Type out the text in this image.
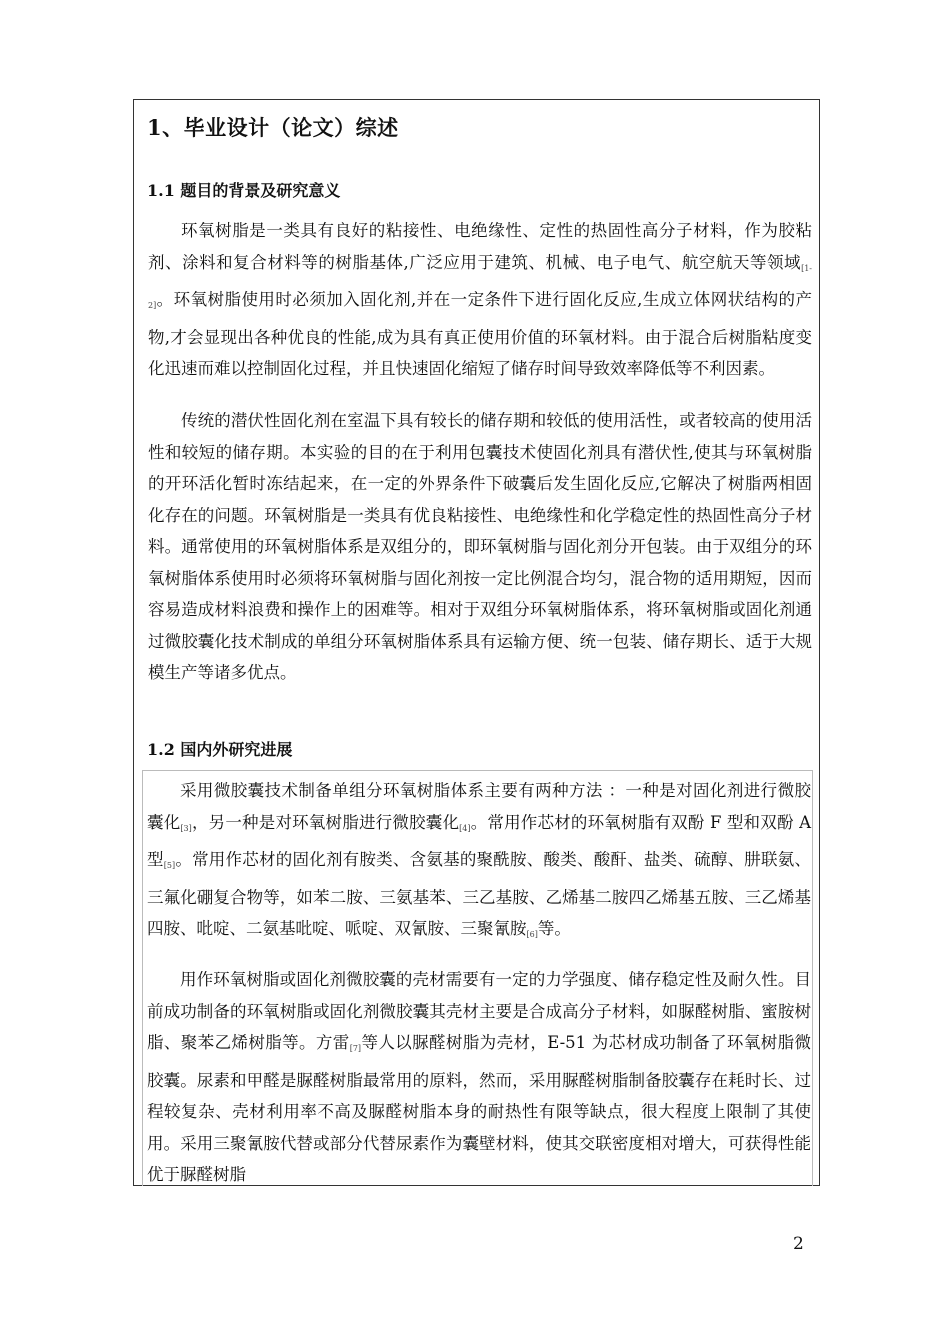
1、毕业设计（论文）综述
1.1 题目的背景及研究意义

环氧树脂是一类具有良好的粘接性、电绝缘性、定性的热固性高分子材料，作为胶粘剂、涂料和复合材料等的树脂基体,广泛应用于建筑、机械、电子电气、航空航天等领域[1-2]。环氧树脂使用时必须加入固化剂,并在一定条件下进行固化反应,生成立体网状结构的产物,才会显现出各种优良的性能,成为具有真正使用价值的环氧材料。由于混合后树脂粘度变化迅速而难以控制固化过程，并且快速固化缩短了储存时间导致效率降低等不利因素。

传统的潜伏性固化剂在室温下具有较长的储存期和较低的使用活性，或者较高的使用活性和较短的储存期。本实验的目的在于利用包囊技术使固化剂具有潜伏性,使其与环氧树脂的开环活化暂时冻结起来，在一定的外界条件下破囊后发生固化反应,它解决了树脂两相固化存在的问题。环氧树脂是一类具有优良粘接性、电绝缘性和化学稳定性的热固性高分子材料。通常使用的环氧树脂体系是双组分的，即环氧树脂与固化剂分开包装。由于双组分的环氧树脂体系使用时必须将环氧树脂与固化剂按一定比例混合均匀，混合物的适用期短，因而容易造成材料浪费和操作上的困难等。相对于双组分环氧树脂体系，将环氧树脂或固化剂通过微胶囊化技术制成的单组分环氧树脂体系具有运输方便、统一包装、储存期长、适于大规模生产等诸多优点。

1.2 国内外研究进展

采用微胶囊技术制备单组分环氧树脂体系主要有两种方法 ：一种是对固化剂进行微胶囊化[3]，另一种是对环氧树脂进行微胶囊化[4]。常用作芯材的环氧树脂有双酚 F 型和双酚 A 型[5]。常用作芯材的固化剂有胺类、含氨基的聚酰胺、酸类、酸酐、盐类、硫醇、肼联氨、三氟化硼复合物等，如苯二胺、三氨基苯、三乙基胺、乙烯基二胺四乙烯基五胺、三乙烯基四胺、吡啶、二氨基吡啶、哌啶、双氰胺、三聚氰胺[6]等。

用作环氧树脂或固化剂微胶囊的壳材需要有一定的力学强度、储存稳定性及耐久性。目前成功制备的环氧树脂或固化剂微胶囊其壳材主要是合成高分子材料，如脲醛树脂、蜜胺树脂、聚苯乙烯树脂等。方雷[7]等人以脲醛树脂为壳材，E-51 为芯材成功制备了环氧树脂微胶囊。尿素和甲醛是脲醛树脂最常用的原料，然而，采用脲醛树脂制备胶囊存在耗时长、过程较复杂、壳材利用率不高及脲醛树脂本身的耐热性有限等缺点，很大程度上限制了其使用。采用三聚氰胺代替或部分代替尿素作为囊壁材料，使其交联密度相对增大，可获得性能优于脲醛树脂

2
